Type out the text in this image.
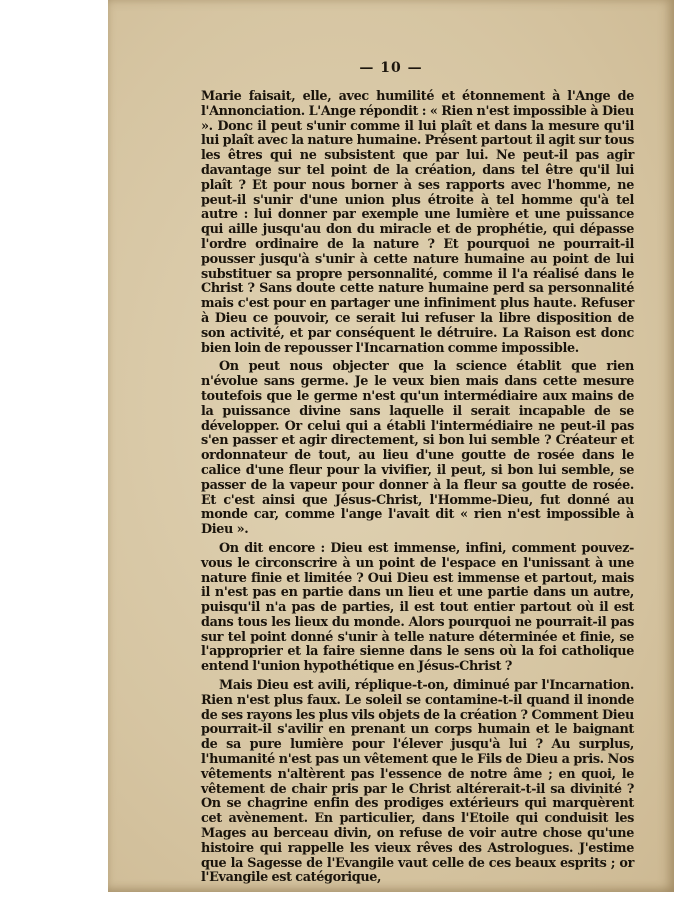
— 10 —

Marie faisait, elle, avec humilité et étonnement à l'Ange de l'Annonciation. L'Ange répondit : « Rien n'est impossible à Dieu ». Donc il peut s'unir comme il lui plaît et dans la mesure qu'il lui plaît avec la nature humaine. Présent partout il agit sur tous les êtres qui ne subsistent que par lui. Ne peut-il pas agir davantage sur tel point de la création, dans tel être qu'il lui plaît ? Et pour nous borner à ses rapports avec l'homme, ne peut-il s'unir d'une union plus étroite à tel homme qu'à tel autre : lui donner par exemple une lumière et une puissance qui aille jusqu'au don du miracle et de prophétie, qui dépasse l'ordre ordinaire de la nature ? Et pourquoi ne pourrait-il pousser jusqu'à s'unir à cette nature humaine au point de lui substituer sa propre personnalité, comme il l'a réalisé dans le Christ ? Sans doute cette nature humaine perd sa personnalité mais c'est pour en partager une infiniment plus haute. Refuser à Dieu ce pouvoir, ce serait lui refuser la libre disposition de son activité, et par conséquent le détruire. La Raison est donc bien loin de repousser l'Incarnation comme impossible.

On peut nous objecter que la science établit que rien n'évolue sans germe. Je le veux bien mais dans cette mesure toutefois que le germe n'est qu'un intermédiaire aux mains de la puissance divine sans laquelle il serait incapable de se développer. Or celui qui a établi l'intermédiaire ne peut-il pas s'en passer et agir directement, si bon lui semble ? Créateur et ordonnateur de tout, au lieu d'une goutte de rosée dans le calice d'une fleur pour la vivifier, il peut, si bon lui semble, se passer de la vapeur pour donner à la fleur sa goutte de rosée. Et c'est ainsi que Jésus-Christ, l'Homme-Dieu, fut donné au monde car, comme l'ange l'avait dit « rien n'est impossible à Dieu ».

On dit encore : Dieu est immense, infini, comment pouvez-vous le circonscrire à un point de l'espace en l'unissant à une nature finie et limitée ? Oui Dieu est immense et partout, mais il n'est pas en partie dans un lieu et une partie dans un autre, puisqu'il n'a pas de parties, il est tout entier partout où il est dans tous les lieux du monde. Alors pourquoi ne pourrait-il pas sur tel point donné s'unir à telle nature déterminée et finie, se l'approprier et la faire sienne dans le sens où la foi catholique entend l'union hypothétique en Jésus-Christ ?

Mais Dieu est avili, réplique-t-on, diminué par l'Incarnation. Rien n'est plus faux. Le soleil se contamine-t-il quand il inonde de ses rayons les plus vils objets de la création ? Comment Dieu pourrait-il s'avilir en prenant un corps humain et le baignant de sa pure lumière pour l'élever jusqu'à lui ? Au surplus, l'humanité n'est pas un vêtement que le Fils de Dieu a pris. Nos vêtements n'altèrent pas l'essence de notre âme ; en quoi, le vêtement de chair pris par le Christ altérerait-t-il sa divinité ? On se chagrine enfin des prodiges extérieurs qui marquèrent cet avènement. En particulier, dans l'Etoile qui conduisit les Mages au berceau divin, on refuse de voir autre chose qu'une histoire qui rappelle les vieux rêves des Astrologues. J'estime que la Sagesse de l'Evangile vaut celle de ces beaux esprits ; or l'Evangile est catégorique,
